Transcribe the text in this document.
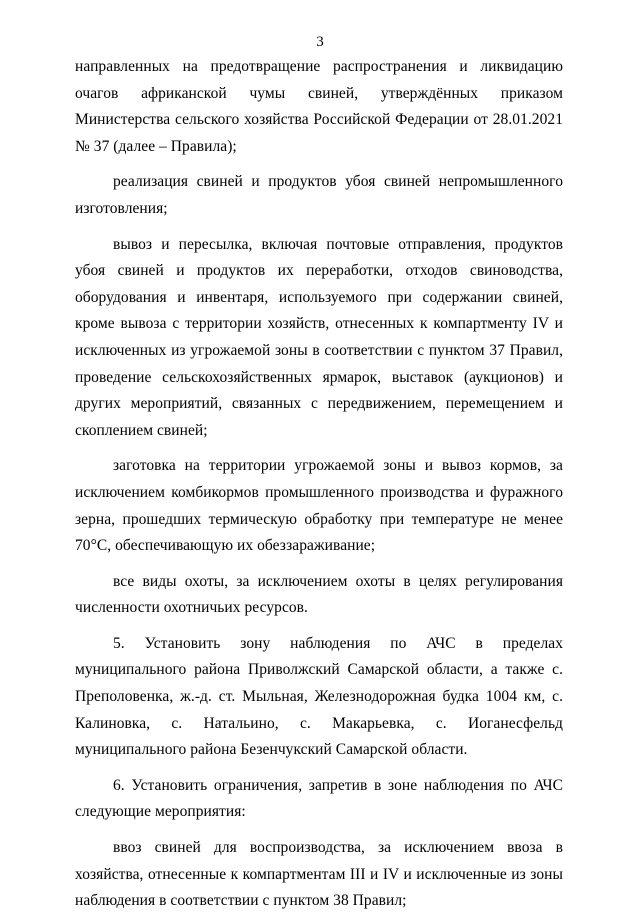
3

направленных на предотвращение распространения и ликвидацию очагов африканской чумы свиней, утверждённых приказом Министерства сельского хозяйства Российской Федерации от 28.01.2021 № 37 (далее – Правила);

реализация свиней и продуктов убоя свиней непромышленного изготовления;

вывоз и пересылка, включая почтовые отправления, продуктов убоя свиней и продуктов их переработки, отходов свиноводства, оборудования и инвентаря, используемого при содержании свиней, кроме вывоза с территории хозяйств, отнесенных к компартменту IV и исключенных из угрожаемой зоны в соответствии с пунктом 37 Правил, проведение сельскохозяйственных ярмарок, выставок (аукционов) и других мероприятий, связанных с передвижением, перемещением и скоплением свиней;

заготовка на территории угрожаемой зоны и вывоз кормов, за исключением комбикормов промышленного производства и фуражного зерна, прошедших термическую обработку при температуре не менее 70°С, обеспечивающую их обеззараживание;

все виды охоты, за исключением охоты в целях регулирования численности охотничьих ресурсов.

5. Установить зону наблюдения по АЧС в пределах муниципального района Приволжский Самарской области, а также с. Преполовенка, ж.-д. ст. Мыльная, Железнодорожная будка 1004 км, с. Калиновка, с. Натальино, с. Макарьевка, с. Иоганесфельд муниципального района Безенчукский Самарской области.

6. Установить ограничения, запретив в зоне наблюдения по АЧС следующие мероприятия:

ввоз свиней для воспроизводства, за исключением ввоза в хозяйства, отнесенные к компартментам III и IV и исключенные из зоны наблюдения в соответствии с пунктом 38 Правил;
